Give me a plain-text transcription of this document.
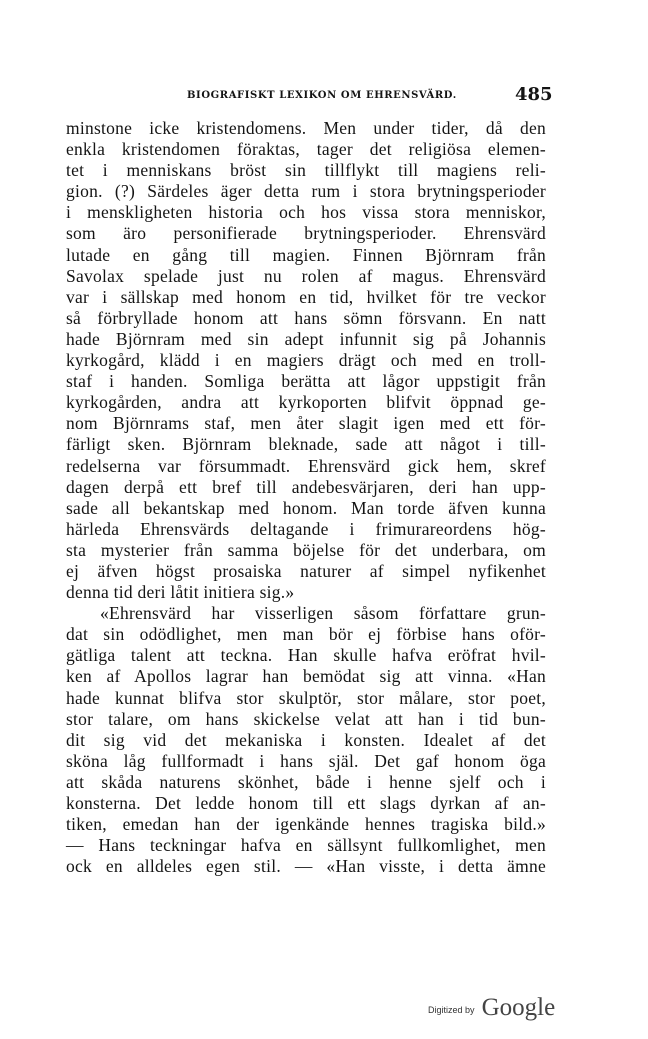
BIOGRAFISKT LEXIKON OM EHRENSVÄRD.	485
minstone icke kristendomens. Men under tider, då den
enkla kristendomen föraktas, tager det religiösa elemen-
tet i menniskans bröst sin tillflykt till magiens reli-
gion. (?) Särdeles äger detta rum i stora brytningsperioder
i menskligheten historia och hos vissa stora menniskor,
som äro personifierade brytningsperioder. Ehrensvärd
lutade en gång till magien. Finnen Björnram från
Savolax spelade just nu rolen af magus. Ehrensvärd
var i sällskap med honom en tid, hvilket för tre veckor
så förbryllade honom att hans sömn försvann. En natt
hade Björnram med sin adept infunnit sig på Johannis
kyrkogård, klädd i en magiers drägt och med en troll-
staf i handen. Somliga berätta att lågor uppstigit från
kyrkogården, andra att kyrkoporten blifvit öppnad ge-
nom Björnrams staf, men åter slagit igen med ett för-
färligt sken. Björnram bleknade, sade att något i till-
redelserna var försummadt. Ehrensvärd gick hem, skref
dagen derpå ett bref till andebesvärjaren, deri han upp-
sade all bekantskap med honom. Man torde äfven kunna
härleda Ehrensvärds deltagande i frimurareordens hög-
sta mysterier från samma böjelse för det underbara, om
ej äfven högst prosaiska naturer af simpel nyfikenhet
denna tid deri låtit initiera sig.»
«Ehrensvärd har visserligen såsom författare grun-
dat sin odödlighet, men man bör ej förbise hans oför-
gätliga talent att teckna. Han skulle hafva eröfrat hvil-
ken af Apollos lagrar han bemödat sig att vinna. «Han
hade kunnat blifva stor skulptör, stor målare, stor poet,
stor talare, om hans skickelse velat att han i tid bun-
dit sig vid det mekaniska i konsten. Idealet af det
sköna låg fullformadt i hans själ. Det gaf honom öga
att skåda naturens skönhet, både i henne sjelf och i
konsterna. Det ledde honom till ett slags dyrkan af an-
tiken, emedan han der igenkände hennes tragiska bild.»
— Hans teckningar hafva en sällsynt fullkomlighet, men
ock en alldeles egen stil. — «Han visste, i detta ämne
Digitized by Google
